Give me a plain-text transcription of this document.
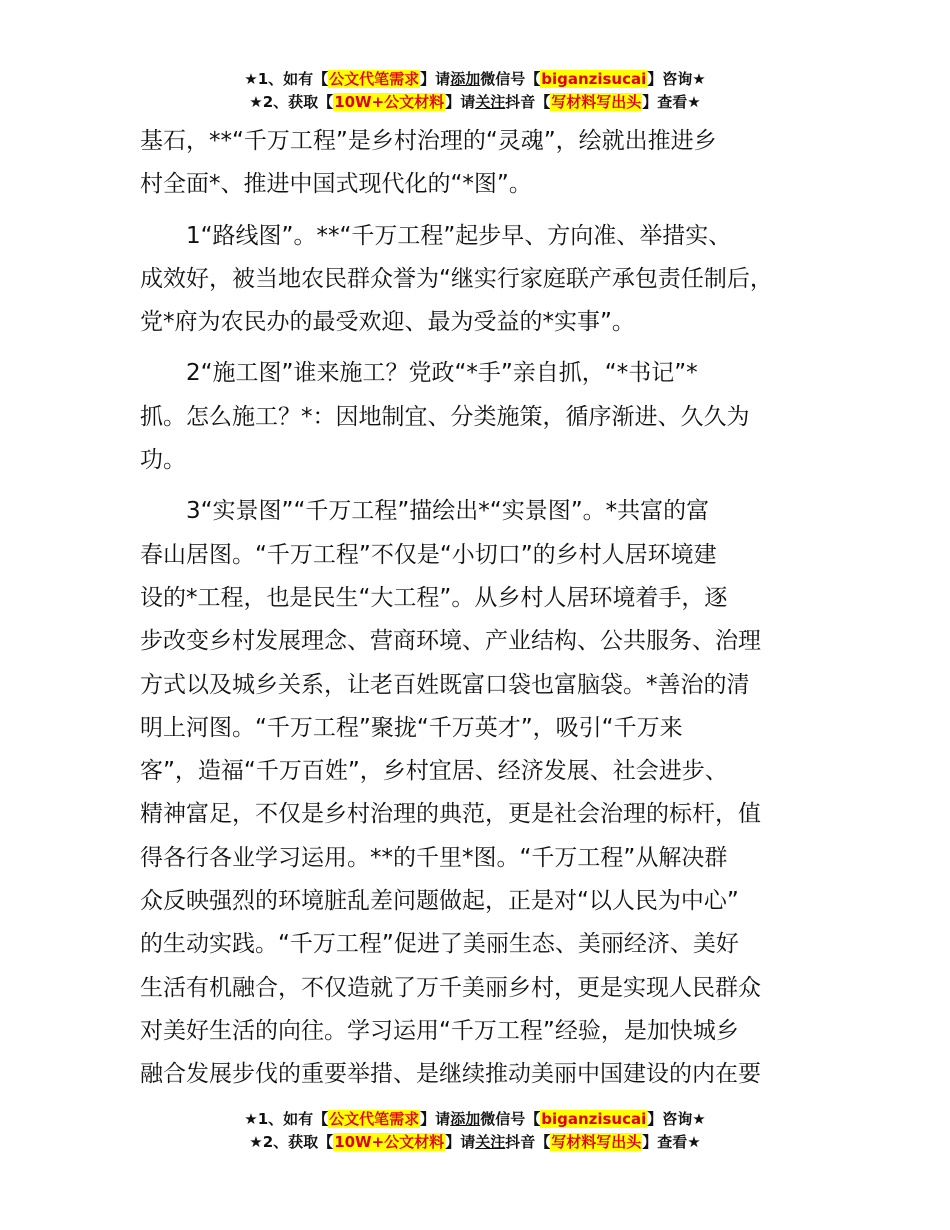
★1、如有【公文代笔需求】请添加微信号【biganzisucai】咨询★
★2、获取【10W+公文材料】请关注抖音【写材料写出头】查看★
基石，**“千万工程”是乡村治理的“灵魂”，绘就出推进乡
村全面*、推进中国式现代化的“*图”。
1“路线图”。**“千万工程”起步早、方向准、举措实、
成效好，被当地农民群众誉为“继实行家庭联产承包责任制后，
党*府为农民办的最受欢迎、最为受益的*实事”。
2“施工图”谁来施工？党政“*手”亲自抓，“*书记”*
抓。怎么施工？*：因地制宜、分类施策，循序渐进、久久为
功。
3“实景图”“千万工程”描绘出*“实景图”。*共富的富
春山居图。“千万工程”不仅是“小切口”的乡村人居环境建
设的*工程，也是民生“大工程”。从乡村人居环境着手，逐
步改变乡村发展理念、营商环境、产业结构、公共服务、治理
方式以及城乡关系，让老百姓既富口袋也富脑袋。*善治的清
明上河图。“千万工程”聚拢“千万英才”，吸引“千万来
客”，造福“千万百姓”，乡村宜居、经济发展、社会进步、
精神富足，不仅是乡村治理的典范，更是社会治理的标杆，值
得各行各业学习运用。**的千里*图。“千万工程”从解决群
众反映强烈的环境脏乱差问题做起，正是对“以人民为中心”
的生动实践。“千万工程”促进了美丽生态、美丽经济、美好
生活有机融合，不仅造就了万千美丽乡村，更是实现人民群众
对美好生活的向往。学习运用“千万工程”经验，是加快城乡
融合发展步伐的重要举措、是继续推动美丽中国建设的内在要
★1、如有【公文代笔需求】请添加微信号【biganzisucai】咨询★
★2、获取【10W+公文材料】请关注抖音【写材料写出头】查看★
